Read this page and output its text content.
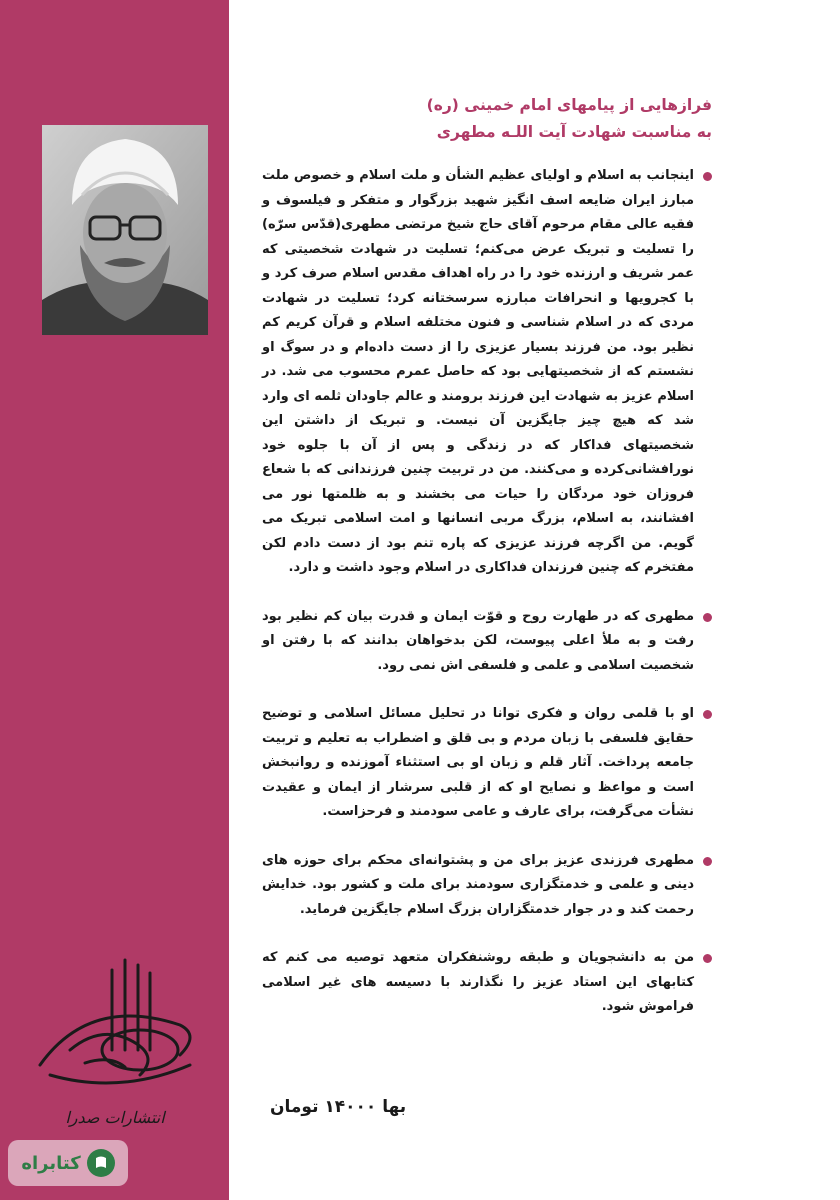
انتشارات صدرا
کتابراه
فرازهایی از پیامهای امام خمینی (ره)
به مناسبت شهادت آیت اللـه مطهری
اینجانب به اسلام و اولیای عظیم الشأن و ملت اسلام و خصوص ملت مبارز ایران ضایعه اسف انگیز شهید بزرگوار و متفکر و فیلسوف و فقیه عالی مقام مرحوم آقای حاج شیخ مرتضی مطهری(قدّس سرّه) را تسلیت و تبریک عرض می‌کنم؛ تسلیت در شهادت شخصیتی که عمر شریف و ارزنده خود را در راه اهداف مقدس اسلام صرف کرد و با کجرویها و انحرافات مبارزه سرسختانه کرد؛ تسلیت در شهادت مردی که در اسلام شناسی و فنون مختلفه اسلام و قرآن کریم کم نظیر بود. من فرزند بسیار عزیزی را از دست داده‌ام و در سوگ او نشستم که از شخصیتهایی بود که حاصل عمرم محسوب می شد. در اسلام عزیز به شهادت این فرزند برومند و عالم جاودان ثلمه ای وارد شد که هیچ چیز جایگزین آن نیست. و تبریک از داشتن این شخصیتهای فداکار که در زندگی و پس از آن با جلوه خود نورافشانی‌کرده و می‌کنند. من در تربیت چنین فرزندانی که با شعاع فروزان خود مردگان را حیات می بخشند و به ظلمتها نور می افشانند، به اسلام، بزرگ مربی انسانها و امت اسلامی تبریک می گویم. من اگرچه فرزند عزیزی که پاره تنم بود از دست دادم لکن مفتخرم که چنین فرزندان فداکاری در اسلام وجود داشت و دارد.
مطهری که در طهارت روح و قوّت ایمان و قدرت بیان کم نظیر بود رفت و به ملأ اعلی پیوست، لکن بدخواهان بدانند که با رفتن او شخصیت اسلامی و علمی و فلسفی اش نمی رود.
او با قلمی روان و فکری توانا در تحلیل مسائل اسلامی و توضیح حقایق فلسفی با زبان مردم و بی قلق و اضطراب به تعلیم و تربیت جامعه پرداخت. آثار قلم و زبان او بی استثناء آموزنده و روانبخش است و مواعظ و نصایح او که از قلبی سرشار از ایمان و عقیدت نشأت می‌گرفت، برای عارف و عامی سودمند و فرحزاست.
مطهری فرزندی عزیز برای من و پشتوانه‌ای محکم برای حوزه های دینی و علمی و خدمتگزاری سودمند برای ملت و کشور بود. خدایش رحمت کند و در جوار خدمتگزاران بزرگ اسلام جایگزین فرماید.
من به دانشجویان و طبقه روشنفکران متعهد توصیه می کنم که کتابهای این استاد عزیز را نگذارند با دسیسه های غیر اسلامی فراموش شود.
بها ۱۴۰۰۰ تومان
